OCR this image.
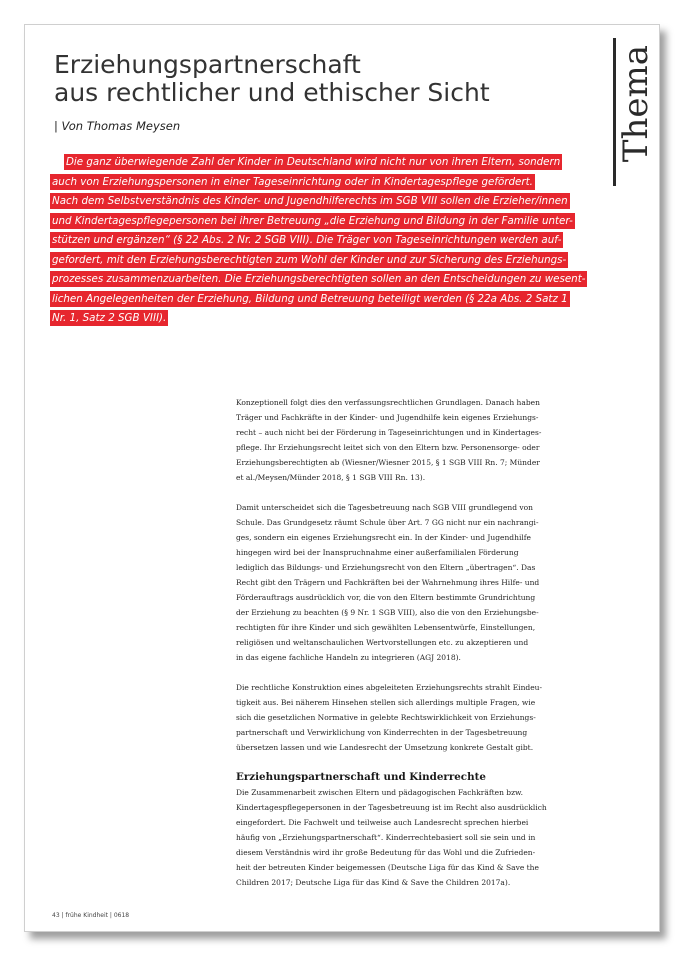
Erziehungspartnerschaft
aus rechtlicher und ethischer Sicht
| Von Thomas Meysen	Thema
Die ganz überwiegende Zahl der Kinder in Deutschland wird nicht nur von ihren Eltern, sondern
auch von Erziehungspersonen in einer Tageseinrichtung oder in Kindertagespflege gefördert.
Nach dem Selbstverständnis des Kinder- und Jugendhilferechts im SGB VIII sollen die Erzieher/innen
und Kindertagespflegepersonen bei ihrer Betreuung „die Erziehung und Bildung in der Familie unter-
stützen und ergänzen“ (§ 22 Abs. 2 Nr. 2 SGB VIII). Die Träger von Tageseinrichtungen werden auf-
gefordert, mit den Erziehungsberechtigten zum Wohl der Kinder und zur Sicherung des Erziehungs-
prozesses zusammenzuarbeiten. Die Erziehungsberechtigten sollen an den Entscheidungen zu wesent-
lichen Angelegenheiten der Erziehung, Bildung und Betreuung beteiligt werden (§ 22a Abs. 2 Satz 1
Nr. 1, Satz 2 SGB VIII).
Konzeptionell folgt dies den verfassungsrechtlichen Grundlagen. Danach haben
Träger und Fachkräfte in der Kinder- und Jugendhilfe kein eigenes Erziehungs-
recht – auch nicht bei der Förderung in Tageseinrichtungen und in Kindertages-
pflege. Ihr Erziehungsrecht leitet sich von den Eltern bzw. Personensorge- oder
Erziehungsberechtigten ab (Wiesner/Wiesner 2015, § 1 SGB VIII Rn. 7; Münder
et al./Meysen/Münder 2018, § 1 SGB VIII Rn. 13).
Damit unterscheidet sich die Tagesbetreuung nach SGB VIII grundlegend von
Schule. Das Grundgesetz räumt Schule über Art. 7 GG nicht nur ein nachrangi-
ges, sondern ein eigenes Erziehungsrecht ein. In der Kinder- und Jugendhilfe
hingegen wird bei der Inanspruchnahme einer außerfamilialen Förderung
lediglich das Bildungs- und Erziehungsrecht von den Eltern „übertragen“. Das
Recht gibt den Trägern und Fachkräften bei der Wahrnehmung ihres Hilfe- und
Förderauftrags ausdrücklich vor, die von den Eltern bestimmte Grundrichtung
der Erziehung zu beachten (§ 9 Nr. 1 SGB VIII), also die von den Erziehungsbe-
rechtigten für ihre Kinder und sich gewählten Lebensentwürfe, Einstellungen,
religiösen und weltanschaulichen Wertvorstellungen etc. zu akzeptieren und
in das eigene fachliche Handeln zu integrieren (AGJ 2018).
Die rechtliche Konstruktion eines abgeleiteten Erziehungsrechts strahlt Eindeu-
tigkeit aus. Bei näherem Hinsehen stellen sich allerdings multiple Fragen, wie
sich die gesetzlichen Normative in gelebte Rechtswirklichkeit von Erziehungs-
partnerschaft und Verwirklichung von Kinderrechten in der Tagesbetreuung
übersetzen lassen und wie Landesrecht der Umsetzung konkrete Gestalt gibt.
Erziehungspartnerschaft und Kinderrechte
Die Zusammenarbeit zwischen Eltern und pädagogischen Fachkräften bzw.
Kindertagespflegepersonen in der Tagesbetreuung ist im Recht also ausdrücklich
eingefordert. Die Fachwelt und teilweise auch Landesrecht sprechen hierbei
häufig von „Erziehungspartnerschaft“. Kinderrechtebasiert soll sie sein und in
diesem Verständnis wird ihr große Bedeutung für das Wohl und die Zufrieden-
heit der betreuten Kinder beigemessen (Deutsche Liga für das Kind & Save the
Children 2017; Deutsche Liga für das Kind & Save the Children 2017a).
43 | frühe Kindheit | 0618
